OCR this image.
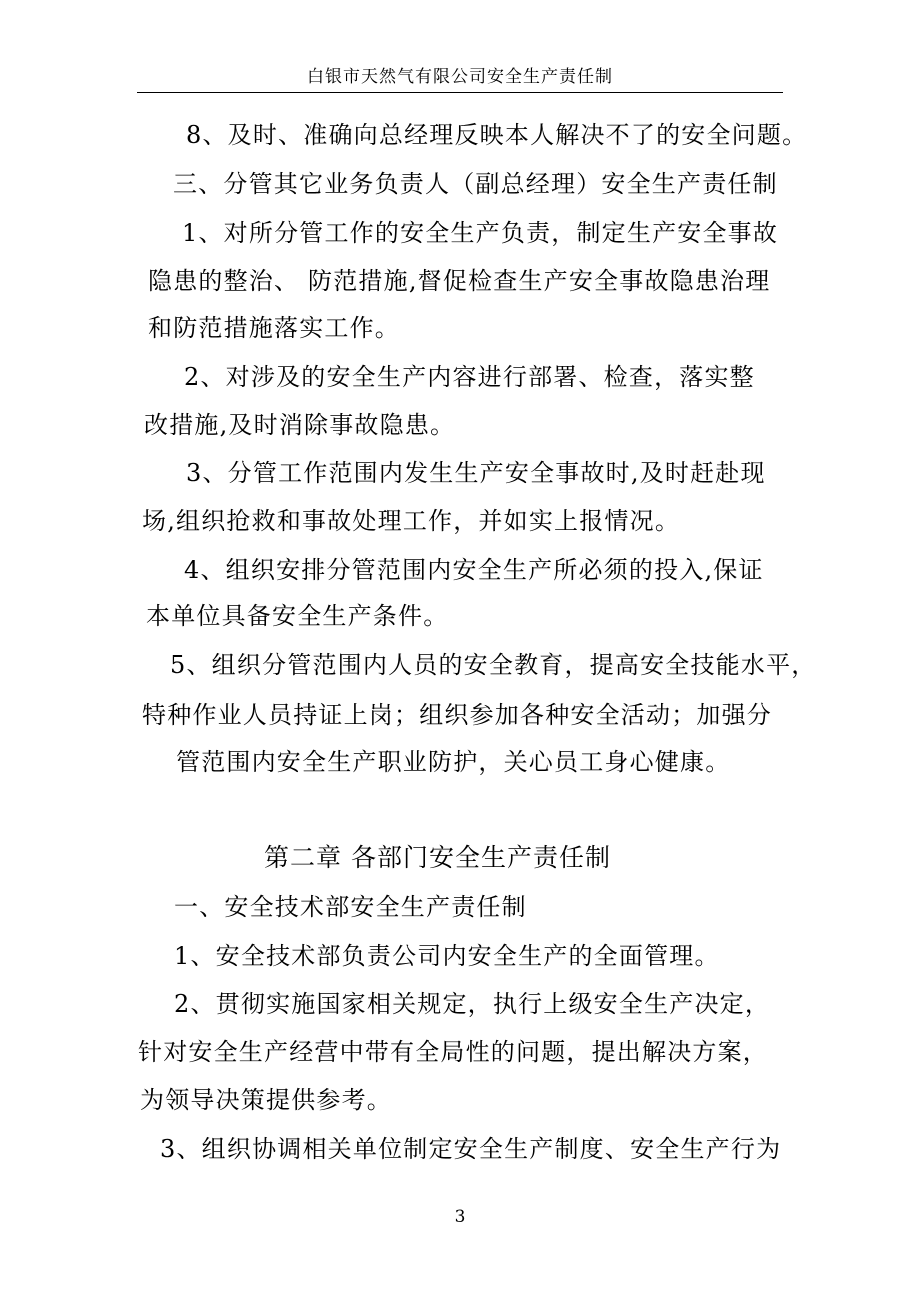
白银市天然气有限公司安全生产责任制
8、及时、准确向总经理反映本人解决不了的安全问题。
三、分管其它业务负责人（副总经理）安全生产责任制
1、对所分管工作的安全生产负责，制定生产安全事故
隐患的整治、 防范措施,督促检查生产安全事故隐患治理
和防范措施落实工作。
2、对涉及的安全生产内容进行部署、检查，落实整
改措施,及时消除事故隐患。
3、分管工作范围内发生生产安全事故时,及时赶赴现
场,组织抢救和事故处理工作，并如实上报情况。
4、组织安排分管范围内安全生产所必须的投入,保证
本单位具备安全生产条件。
5、组织分管范围内人员的安全教育，提高安全技能水平，
特种作业人员持证上岗；组织参加各种安全活动；加强分
管范围内安全生产职业防护，关心员工身心健康。
第二章 各部门安全生产责任制
一、安全技术部安全生产责任制
1、安全技术部负责公司内安全生产的全面管理。
2、贯彻实施国家相关规定，执行上级安全生产决定，
针对安全生产经营中带有全局性的问题，提出解决方案，
为领导决策提供参考。
3、组织协调相关单位制定安全生产制度、安全生产行为
3
